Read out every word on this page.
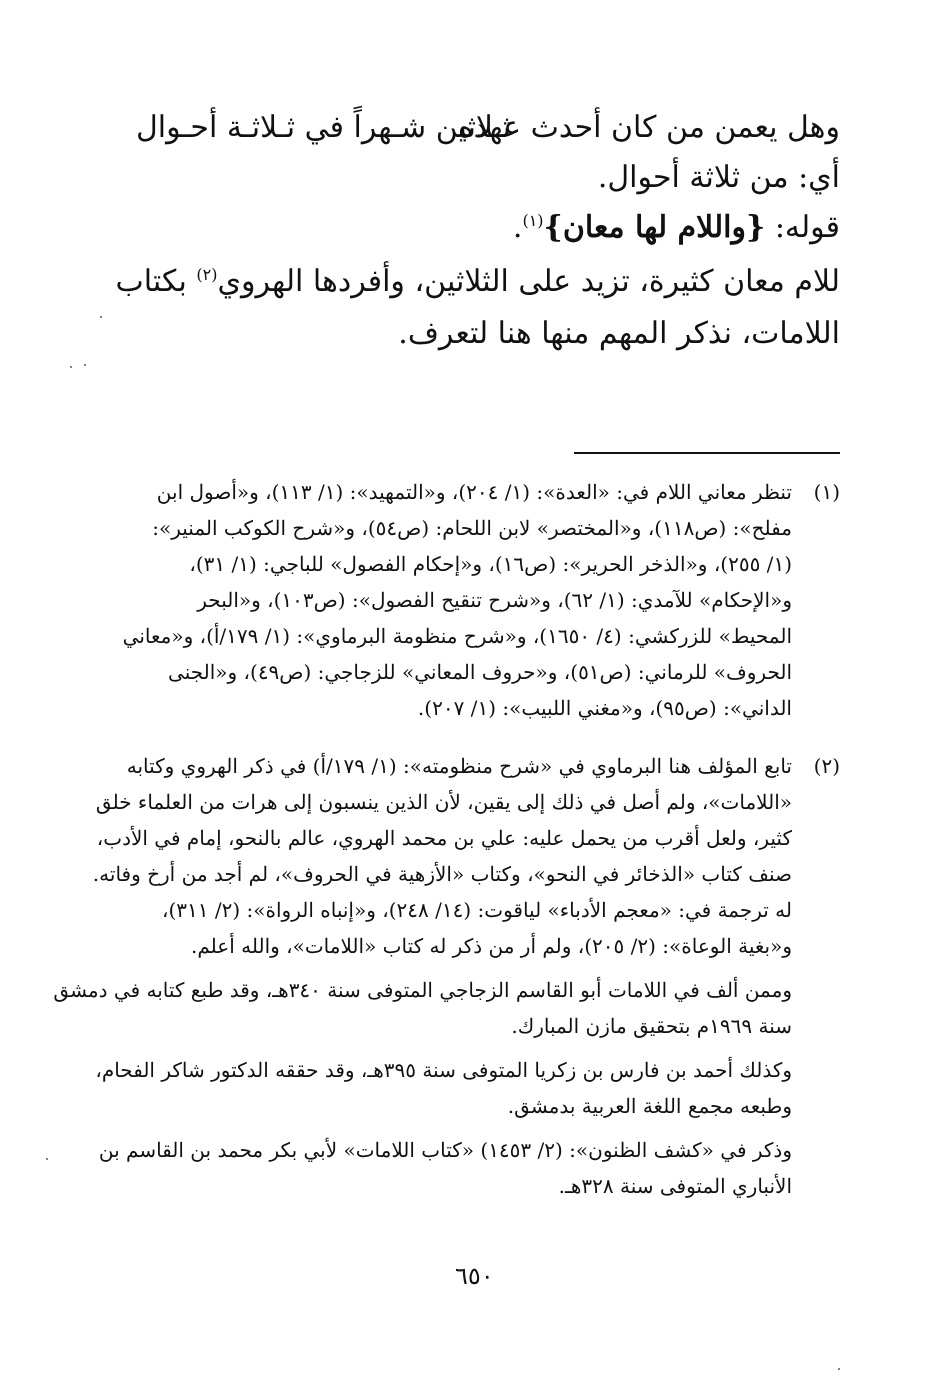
وهل يعمن من كان أحدث عهده
ثـلاثين شـهراً في ثـلاثـة أحـوال
أي: من ثلاثة أحوال.
قوله: {واللام لها معان}$^{(١)}$.
للام معان كثيرة، تزيد على الثلاثين، وأفردها الهروي$^{(٢)}$ بكتاب
اللامات، نذكر المهم منها هنا لتعرف.
(١)
تنظر معاني اللام في: «العدة»: (١/ ٢٠٤)، و«التمهيد»: (١/ ١١٣)، و«أصول ابن
مفلح»: (ص١١٨)، و«المختصر» لابن اللحام: (ص٥٤)، و«شرح الكوكب المنير»:
(١/ ٢٥٥)، و«الذخر الحرير»: (ص١٦)، و«إحكام الفصول» للباجي: (١/ ٣١)،
و«الإحكام» للآمدي: (١/ ٦٢)، و«شرح تنقيح الفصول»: (ص١٠٣)، و«البحر
المحيط» للزركشي: (٤/ ١٦٥٠)، و«شرح منظومة البرماوي»: (١/ ١٧٩/أ)، و«معاني
الحروف» للرماني: (ص٥١)، و«حروف المعاني» للزجاجي: (ص٤٩)، و«الجنى
الداني»: (ص٩٥)، و«مغني اللبيب»: (١/ ٢٠٧).
(٢)
تابع المؤلف هنا البرماوي في «شرح منظومته»: (١/ ١٧٩/أ) في ذكر الهروي وكتابه
«اللامات»، ولم أصل في ذلك إلى يقين، لأن الذين ينسبون إلى هرات من العلماء خلق
كثير، ولعل أقرب من يحمل عليه: علي بن محمد الهروي، عالم بالنحو، إمام في الأدب،
صنف كتاب «الذخائر في النحو»، وكتاب «الأزهية في الحروف»، لم أجد من أرخ وفاته.
له ترجمة في: «معجم الأدباء» لياقوت: (١٤/ ٢٤٨)، و«إنباه الرواة»: (٢/ ٣١١)،
و«بغية الوعاة»: (٢/ ٢٠٥)، ولم أر من ذكر له كتاب «اللامات»، والله أعلم.
وممن ألف في اللامات أبو القاسم الزجاجي المتوفى سنة ٣٤٠هـ، وقد طبع كتابه في دمشق
سنة ١٩٦٩م بتحقيق مازن المبارك.
وكذلك أحمد بن فارس بن زكريا المتوفى سنة ٣٩٥هـ، وقد حققه الدكتور شاكر الفحام،
وطبعه مجمع اللغة العربية بدمشق.
وذكر في «كشف الظنون»: (٢/ ١٤٥٣) «كتاب اللامات» لأبي بكر محمد بن القاسم بن
الأنباري المتوفى سنة ٣٢٨هـ.
٦٥٠
